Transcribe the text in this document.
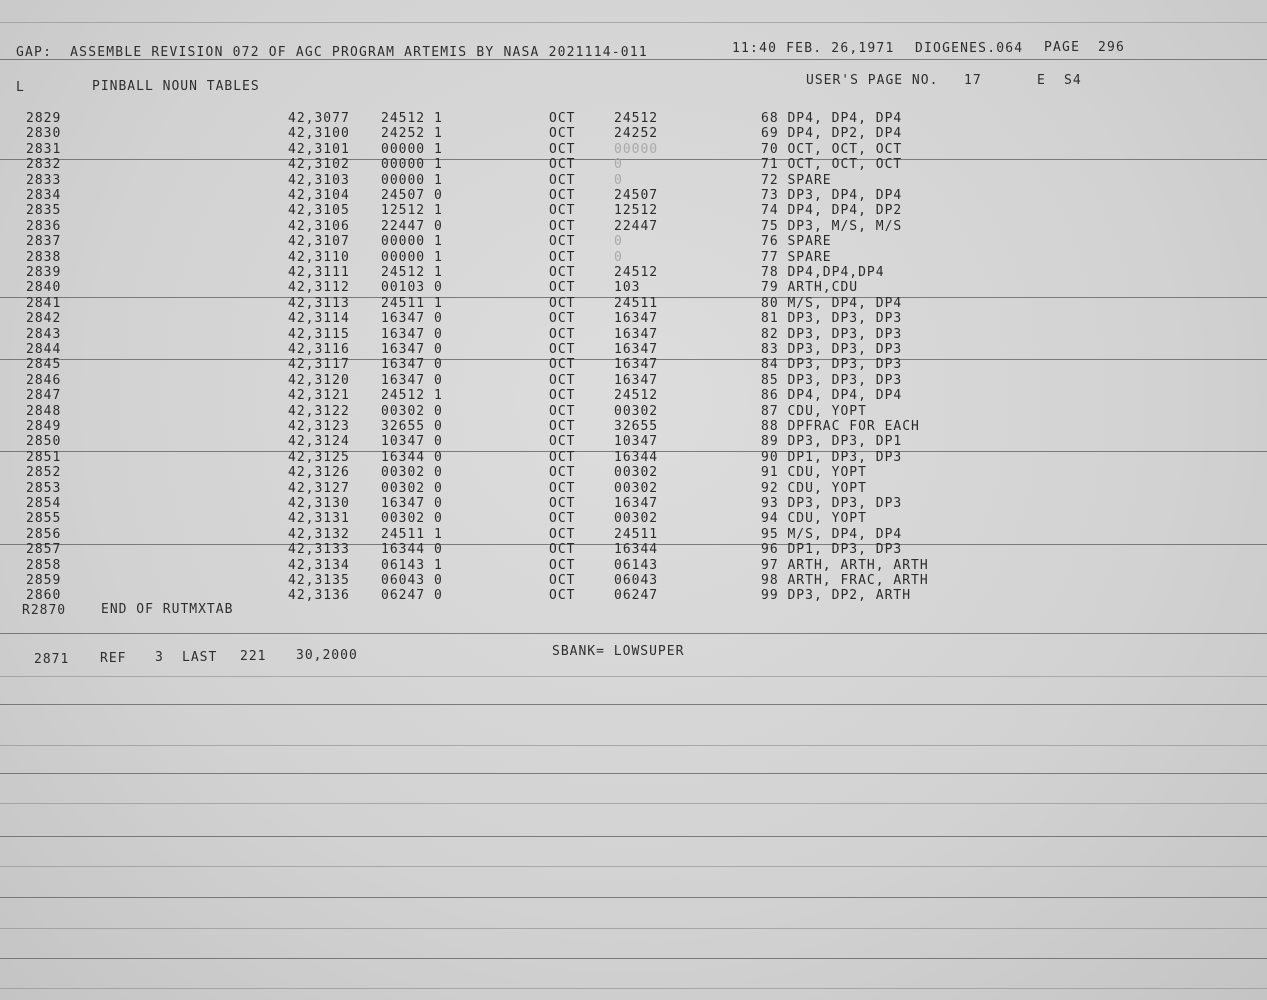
GAP:  ASSEMBLE REVISION 072 OF AGC PROGRAM ARTEMIS BY NASA 2021114-011	11:40 FEB. 26,1971 DIOGENES.064 PAGE 296
L	PINBALL NOUN TABLES	USER'S PAGE NO. 17	E S4
2829	42,3077 24512 1	OCT	24512	68 DP4, DP4, DP4
2830	42,3100 24252 1	OCT	24252	69 DP4, DP2, DP4
2831	42,3101 00000 1	OCT	00000	70 OCT, OCT, OCT
2832	42,3102 00000 1	OCT	0	71 OCT, OCT, OCT
2833	42,3103 00000 1	OCT	0	72 SPARE
2834	42,3104 24507 0	OCT	24507	73 DP3, DP4, DP4
2835	42,3105 12512 1	OCT	12512	74 DP4, DP4, DP2
2836	42,3106 22447 0	OCT	22447	75 DP3, M/S, M/S
2837	42,3107 00000 1	OCT	0	76 SPARE
2838	42,3110 00000 1	OCT	0	77 SPARE
2839	42,3111 24512 1	OCT	24512	78 DP4,DP4,DP4
2840	42,3112 00103 0	OCT	103	79 ARTH,CDU
2841	42,3113 24511 1	OCT	24511	80 M/S, DP4, DP4
2842	42,3114 16347 0	OCT	16347	81 DP3, DP3, DP3
2843	42,3115 16347 0	OCT	16347	82 DP3, DP3, DP3
2844	42,3116 16347 0	OCT	16347	83 DP3, DP3, DP3
2845	42,3117 16347 0	OCT	16347	84 DP3, DP3, DP3
2846	42,3120 16347 0	OCT	16347	85 DP3, DP3, DP3
2847	42,3121 24512 1	OCT	24512	86 DP4, DP4, DP4
2848	42,3122 00302 0	OCT	00302	87 CDU, YOPT
2849	42,3123 32655 0	OCT	32655	88 DPFRAC FOR EACH
2850	42,3124 10347 0	OCT	10347	89 DP3, DP3, DP1
2851	42,3125 16344 0	OCT	16344	90 DP1, DP3, DP3
2852	42,3126 00302 0	OCT	00302	91 CDU, YOPT
2853	42,3127 00302 0	OCT	00302	92 CDU, YOPT
2854	42,3130 16347 0	OCT	16347	93 DP3, DP3, DP3
2855	42,3131 00302 0	OCT	00302	94 CDU, YOPT
2856	42,3132 24511 1	OCT	24511	95 M/S, DP4, DP4
2857	42,3133 16344 0	OCT	16344	96 DP1, DP3, DP3
2858	42,3134 06143 1	OCT	06143	97 ARTH, ARTH, ARTH
2859	42,3135 06043 0	OCT	06043	98 ARTH, FRAC, ARTH
2860	42,3136 06247 0	OCT	06247	99 DP3, DP2, ARTH
R2870	END OF RUTMXTAB
2871 REF 3 LAST 221 30,2000	SBANK= LOWSUPER
